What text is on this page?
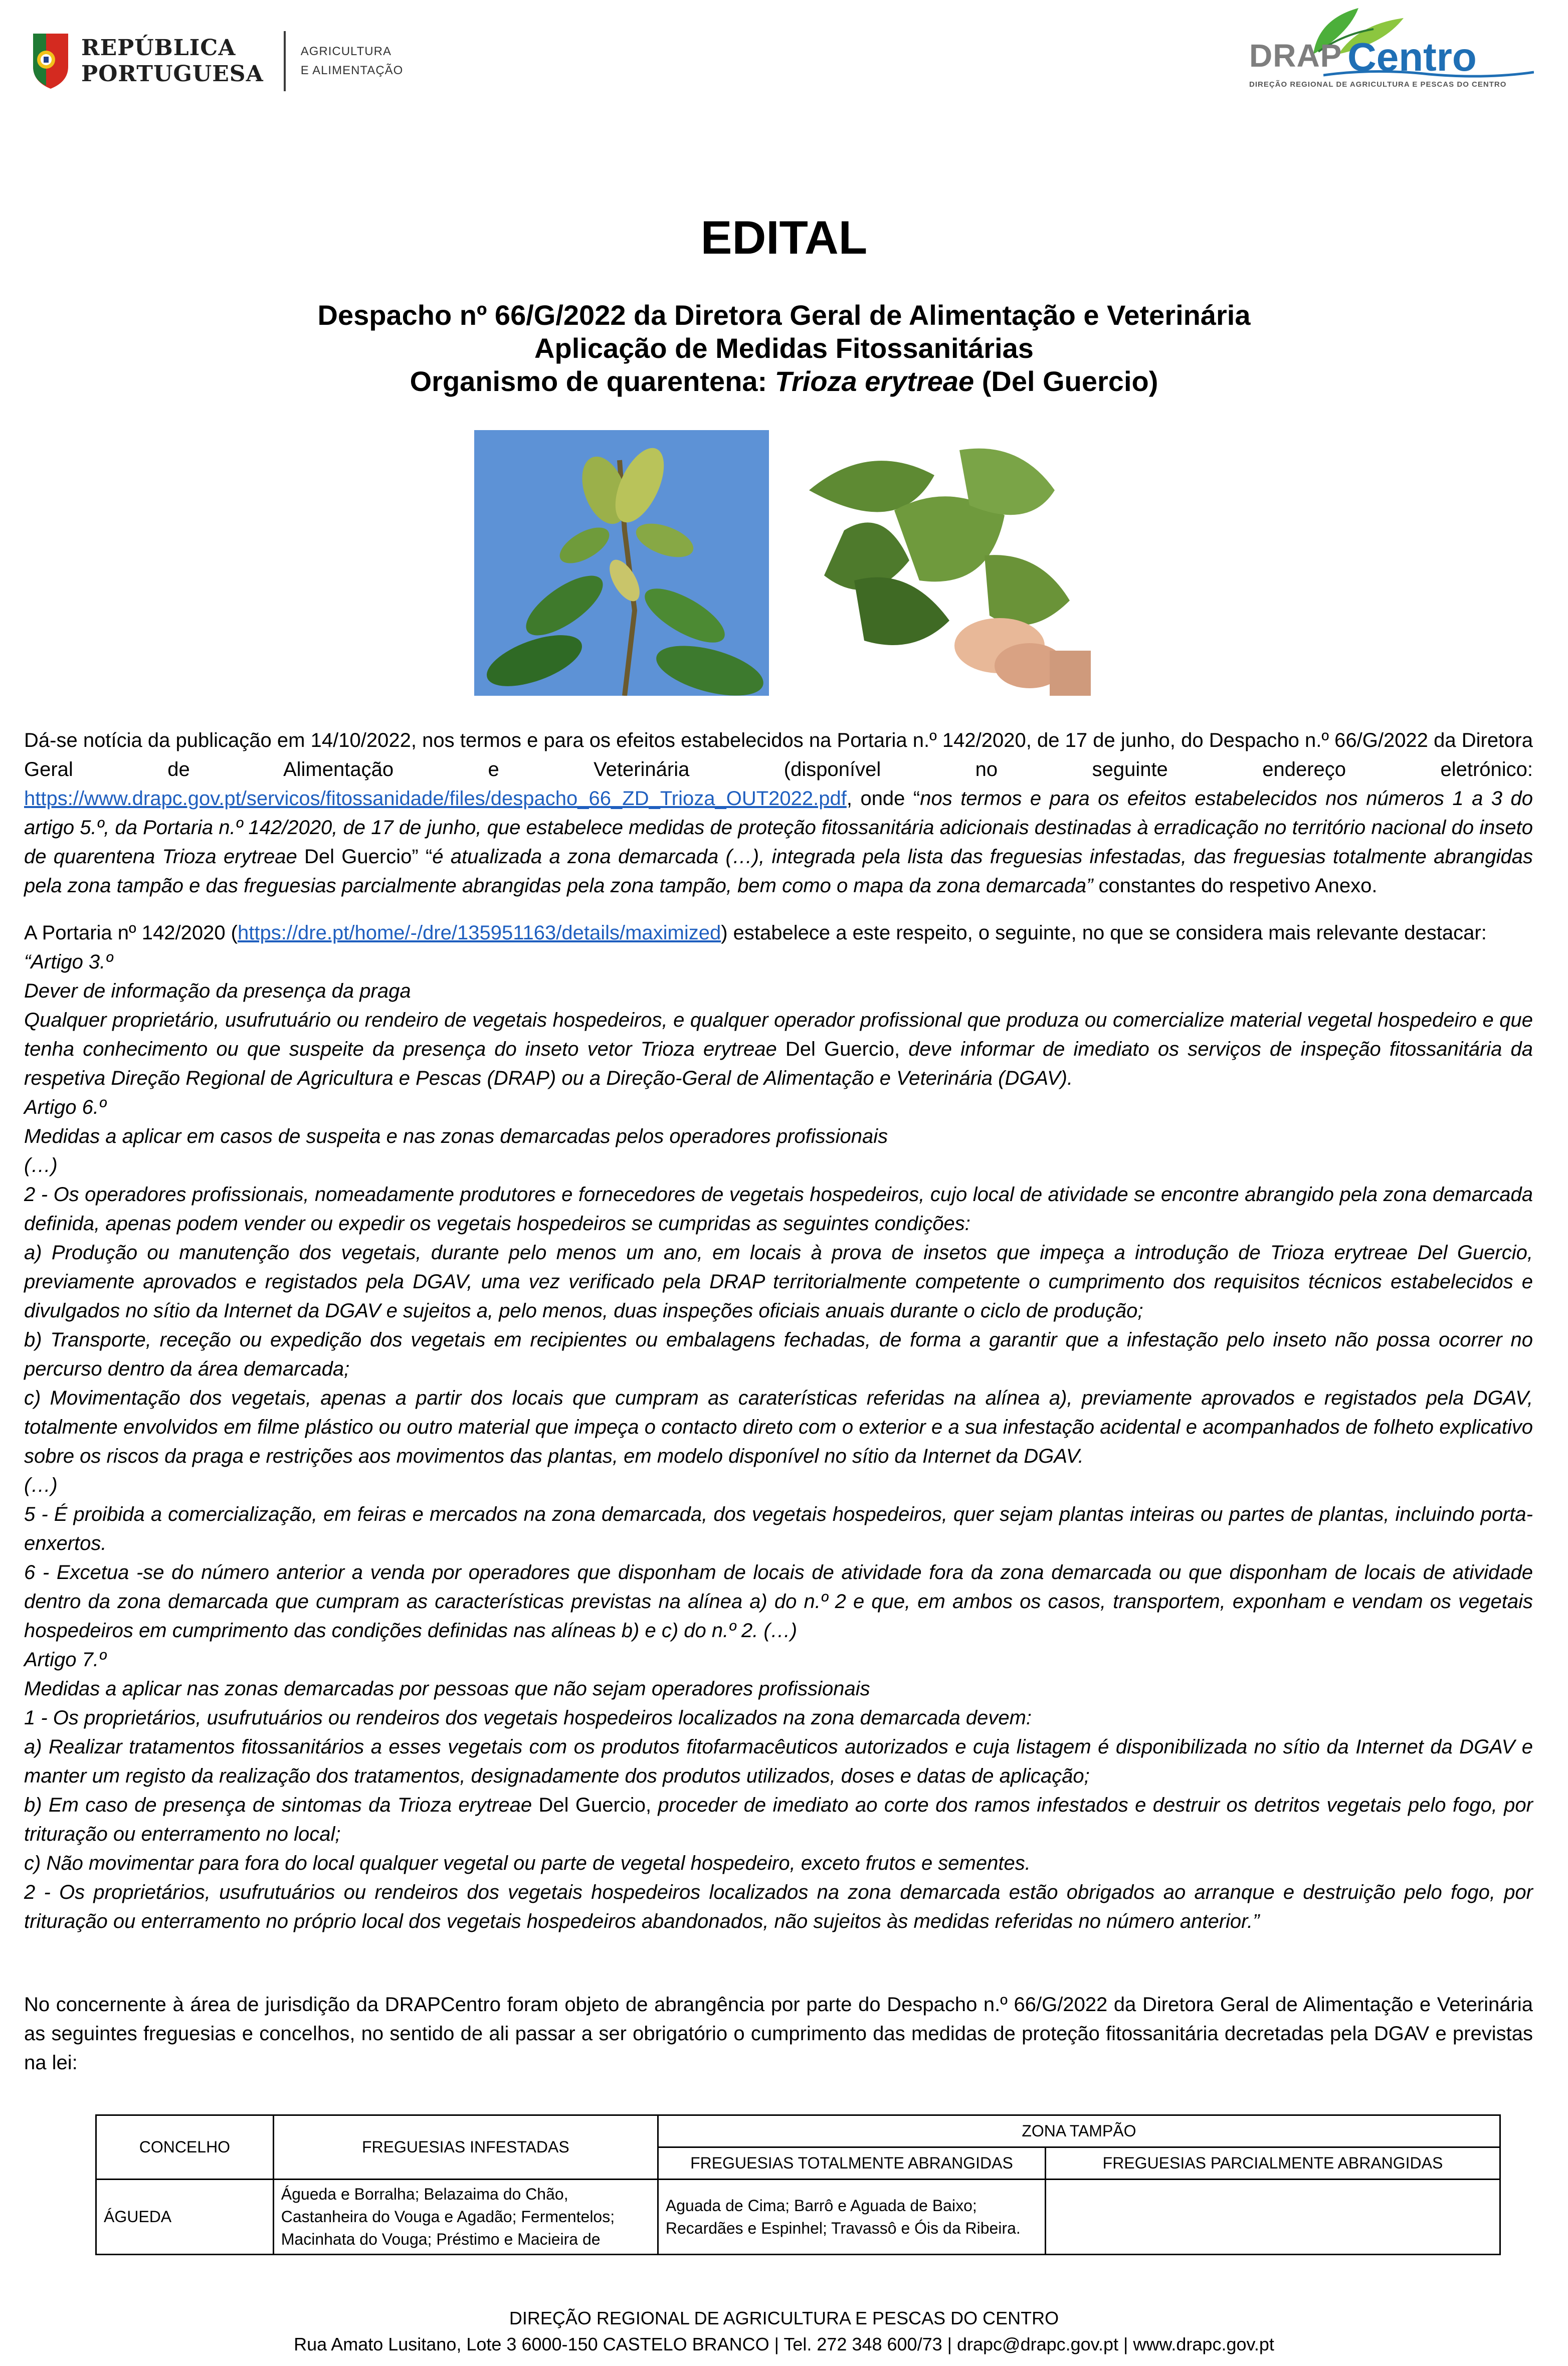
REPÚBLICA
PORTUGUESA
AGRICULTURA
E ALIMENTAÇÃO	DRAP Centro
DIREÇÃO REGIONAL DE AGRICULTURA E PESCAS DO CENTRO
EDITAL
Despacho nº 66/G/2022 da Diretora Geral de Alimentação e Veterinária
Aplicação de Medidas Fitossanitárias
Organismo de quarentena: Trioza erytreae (Del Guercio)

Dá-se notícia da publicação em 14/10/2022, nos termos e para os efeitos estabelecidos na Portaria n.º 142/2020, de 17 de junho, do Despacho n.º 66/G/2022 da Diretora Geral de Alimentação e Veterinária (disponível no seguinte endereço eletrónico: https://www.drapc.gov.pt/servicos/fitossanidade/files/despacho_66_ZD_Trioza_OUT2022.pdf, onde “nos termos e para os efeitos estabelecidos nos números 1 a 3 do artigo 5.º, da Portaria n.º 142/2020, de 17 de junho, que estabelece medidas de proteção fitossanitária adicionais destinadas à erradicação no território nacional do inseto de quarentena Trioza erytreae Del Guercio” “é atualizada a zona demarcada (…), integrada pela lista das freguesias infestadas, das freguesias totalmente abrangidas pela zona tampão e das freguesias parcialmente abrangidas pela zona tampão, bem como o mapa da zona demarcada” constantes do respetivo Anexo.

A Portaria nº 142/2020 (https://dre.pt/home/-/dre/135951163/details/maximized) estabelece a este respeito, o seguinte, no que se considera mais relevante destacar:

“Artigo 3.º

Dever de informação da presença da praga

Qualquer proprietário, usufrutuário ou rendeiro de vegetais hospedeiros, e qualquer operador profissional que produza ou comercialize material vegetal hospedeiro e que tenha conhecimento ou que suspeite da presença do inseto vetor Trioza erytreae Del Guercio, deve informar de imediato os serviços de inspeção fitossanitária da respetiva Direção Regional de Agricultura e Pescas (DRAP) ou a Direção-Geral de Alimentação e Veterinária (DGAV).

Artigo 6.º

Medidas a aplicar em casos de suspeita e nas zonas demarcadas pelos operadores profissionais

(…)

2 - Os operadores profissionais, nomeadamente produtores e fornecedores de vegetais hospedeiros, cujo local de atividade se encontre abrangido pela zona demarcada definida, apenas podem vender ou expedir os vegetais hospedeiros se cumpridas as seguintes condições:

a) Produção ou manutenção dos vegetais, durante pelo menos um ano, em locais à prova de insetos que impeça a introdução de Trioza erytreae Del Guercio, previamente aprovados e registados pela DGAV, uma vez verificado pela DRAP territorialmente competente o cumprimento dos requisitos técnicos estabelecidos e divulgados no sítio da Internet da DGAV e sujeitos a, pelo menos, duas inspeções oficiais anuais durante o ciclo de produção;

b) Transporte, receção ou expedição dos vegetais em recipientes ou embalagens fechadas, de forma a garantir que a infestação pelo inseto não possa ocorrer no percurso dentro da área demarcada;

c) Movimentação dos vegetais, apenas a partir dos locais que cumpram as caraterísticas referidas na alínea a), previamente aprovados e registados pela DGAV, totalmente envolvidos em filme plástico ou outro material que impeça o contacto direto com o exterior e a sua infestação acidental e acompanhados de folheto explicativo sobre os riscos da praga e restrições aos movimentos das plantas, em modelo disponível no sítio da Internet da DGAV.

(…)

5 - É proibida a comercialização, em feiras e mercados na zona demarcada, dos vegetais hospedeiros, quer sejam plantas inteiras ou partes de plantas, incluindo porta-enxertos.

6 - Excetua -se do número anterior a venda por operadores que disponham de locais de atividade fora da zona demarcada ou que disponham de locais de atividade dentro da zona demarcada que cumpram as características previstas na alínea a) do n.º 2 e que, em ambos os casos, transportem, exponham e vendam os vegetais hospedeiros em cumprimento das condições definidas nas alíneas b) e c) do n.º 2. (…)

Artigo 7.º

Medidas a aplicar nas zonas demarcadas por pessoas que não sejam operadores profissionais

1 - Os proprietários, usufrutuários ou rendeiros dos vegetais hospedeiros localizados na zona demarcada devem:

a) Realizar tratamentos fitossanitários a esses vegetais com os produtos fitofarmacêuticos autorizados e cuja listagem é disponibilizada no sítio da Internet da DGAV e manter um registo da realização dos tratamentos, designadamente dos produtos utilizados, doses e datas de aplicação;

b) Em caso de presença de sintomas da Trioza erytreae Del Guercio, proceder de imediato ao corte dos ramos infestados e destruir os detritos vegetais pelo fogo, por trituração ou enterramento no local;

c) Não movimentar para fora do local qualquer vegetal ou parte de vegetal hospedeiro, exceto frutos e sementes.

2 - Os proprietários, usufrutuários ou rendeiros dos vegetais hospedeiros localizados na zona demarcada estão obrigados ao arranque e destruição pelo fogo, por trituração ou enterramento no próprio local dos vegetais hospedeiros abandonados, não sujeitos às medidas referidas no número anterior.”

No concernente à área de jurisdição da DRAPCentro foram objeto de abrangência por parte do Despacho n.º 66/G/2022 da Diretora Geral de Alimentação e Veterinária as seguintes freguesias e concelhos, no sentido de ali passar a ser obrigatório o cumprimento das medidas de proteção fitossanitária decretadas pela DGAV e previstas na lei:
CONCELHO	FREGUESIAS INFESTADAS	ZONA TAMPÃO	
		FREGUESIAS TOTALMENTE ABRANGIDAS	FREGUESIAS PARCIALMENTE ABRANGIDAS
ÁGUEDA	Águeda e Borralha; Belazaima do Chão, Castanheira do Vouga e Agadão; Fermentelos; Macinhata do Vouga; Préstimo e Macieira de	Aguada de Cima; Barrô e Aguada de Baixo; Recardães e Espinhel; Travassô e Óis da Ribeira.	
DIREÇÃO REGIONAL DE AGRICULTURA E PESCAS DO CENTRO
Rua Amato Lusitano, Lote 3 6000-150 CASTELO BRANCO | Tel. 272 348 600/73 | drapc@drapc.gov.pt | www.drapc.gov.pt
